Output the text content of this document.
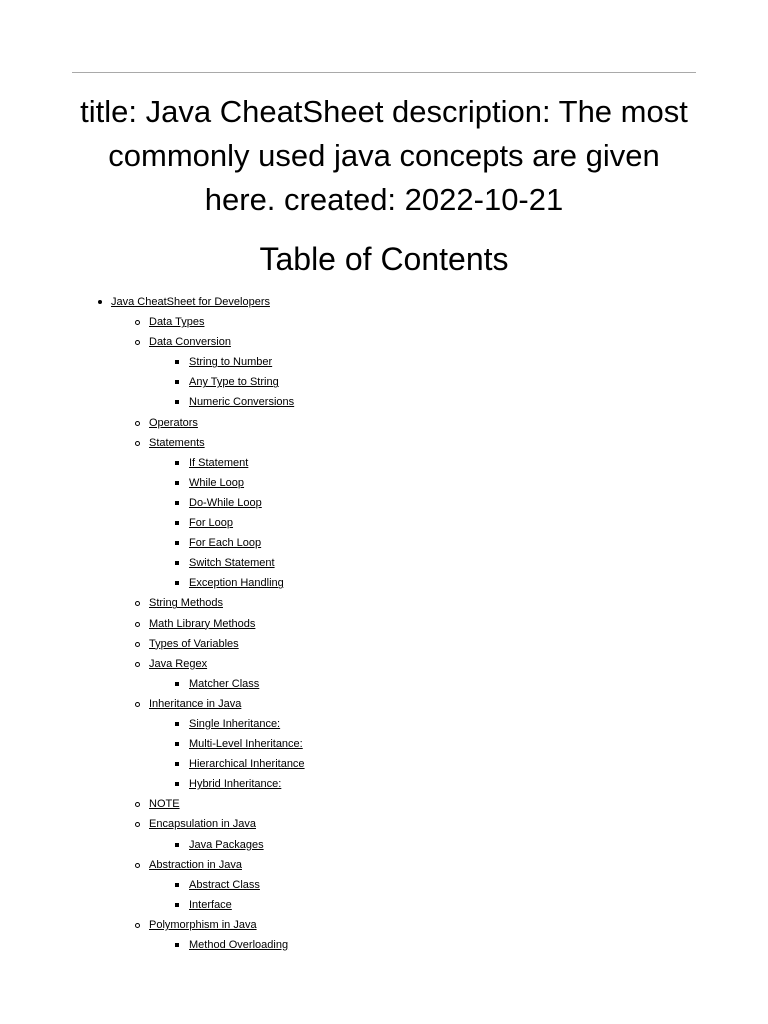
title: Java CheatSheet description: The most commonly used java concepts are given here. created: 2022-10-21
Table of Contents
Java CheatSheet for Developers
Data Types
Data Conversion
String to Number
Any Type to String
Numeric Conversions
Operators
Statements
If Statement
While Loop
Do-While Loop
For Loop
For Each Loop
Switch Statement
Exception Handling
String Methods
Math Library Methods
Types of Variables
Java Regex
Matcher Class
Inheritance in Java
Single Inheritance:
Multi-Level Inheritance:
Hierarchical Inheritance
Hybrid Inheritance:
NOTE
Encapsulation in Java
Java Packages
Abstraction in Java
Abstract Class
Interface
Polymorphism in Java
Method Overloading
